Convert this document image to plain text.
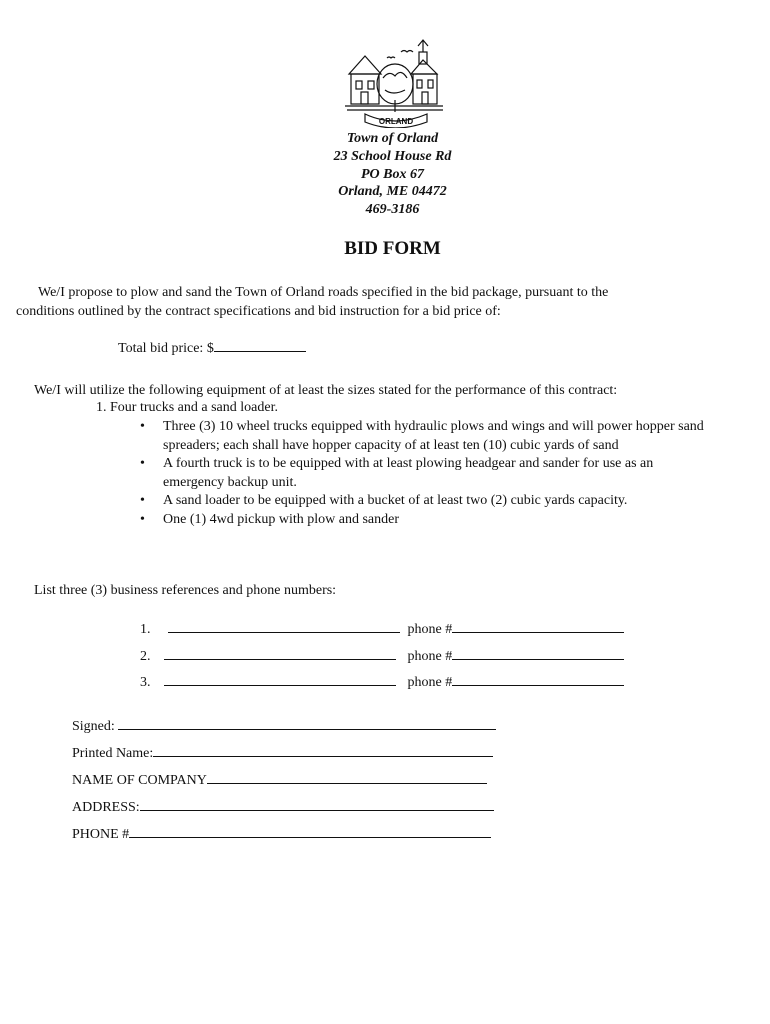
ORLAND
Town of Orland
23 School House Rd
PO Box 67
Orland, ME 04472
469-3186
BID FORM
We/I propose to plow and sand the Town of Orland roads specified in the bid package, pursuant to the
conditions outlined by the contract specifications and bid instruction for a bid price of:
Total bid price: $
We/I will utilize the following equipment of at least the sizes stated for the performance of this contract:
1. Four trucks and a sand loader.
• Three (3) 10 wheel trucks equipped with hydraulic plows and wings and will power hopper sand spreaders; each shall have hopper capacity of at least ten (10) cubic yards of sand
• A fourth truck is to be equipped with at least plowing headgear and sander for use as an emergency backup unit.
• A sand loader to be equipped with a bucket of at least two (2) cubic yards capacity.
• One (1) 4wd pickup with plow and sander
List three (3) business references and phone numbers:
1.	phone #
2.	phone #
3.	phone #
Signed:
Printed Name:
NAME OF COMPANY
ADDRESS:
PHONE #
